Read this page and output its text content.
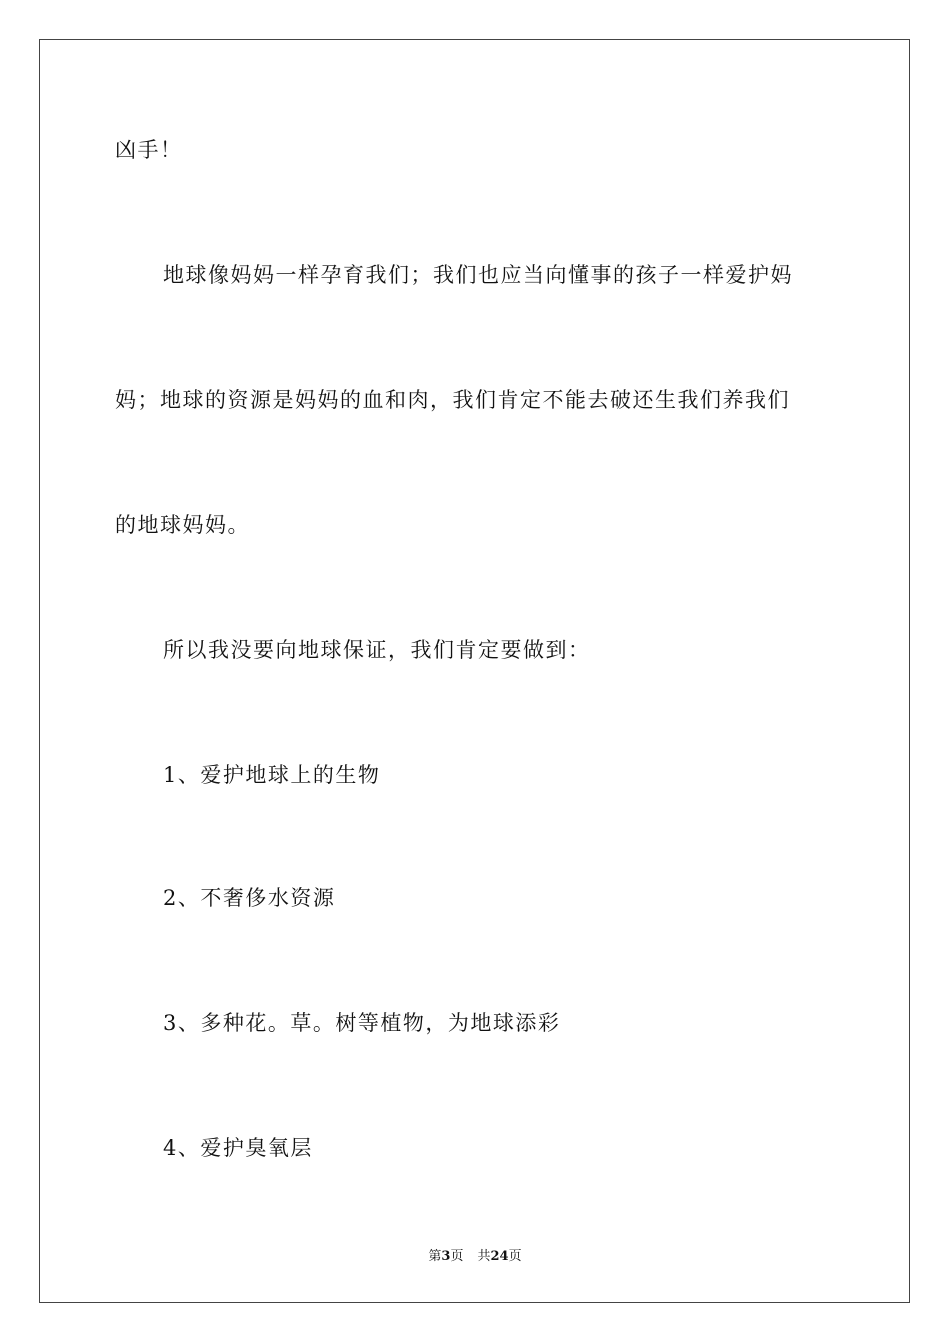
凶手！
地球像妈妈一样孕育我们；我们也应当向懂事的孩子一样爱护妈
妈；地球的资源是妈妈的血和肉，我们肯定不能去破还生我们养我们
的地球妈妈。
所以我没要向地球保证，我们肯定要做到：
1、爱护地球上的生物
2、不奢侈水资源
3、多种花。草。树等植物，为地球添彩
4、爱护臭氧层
第3页 共24页
